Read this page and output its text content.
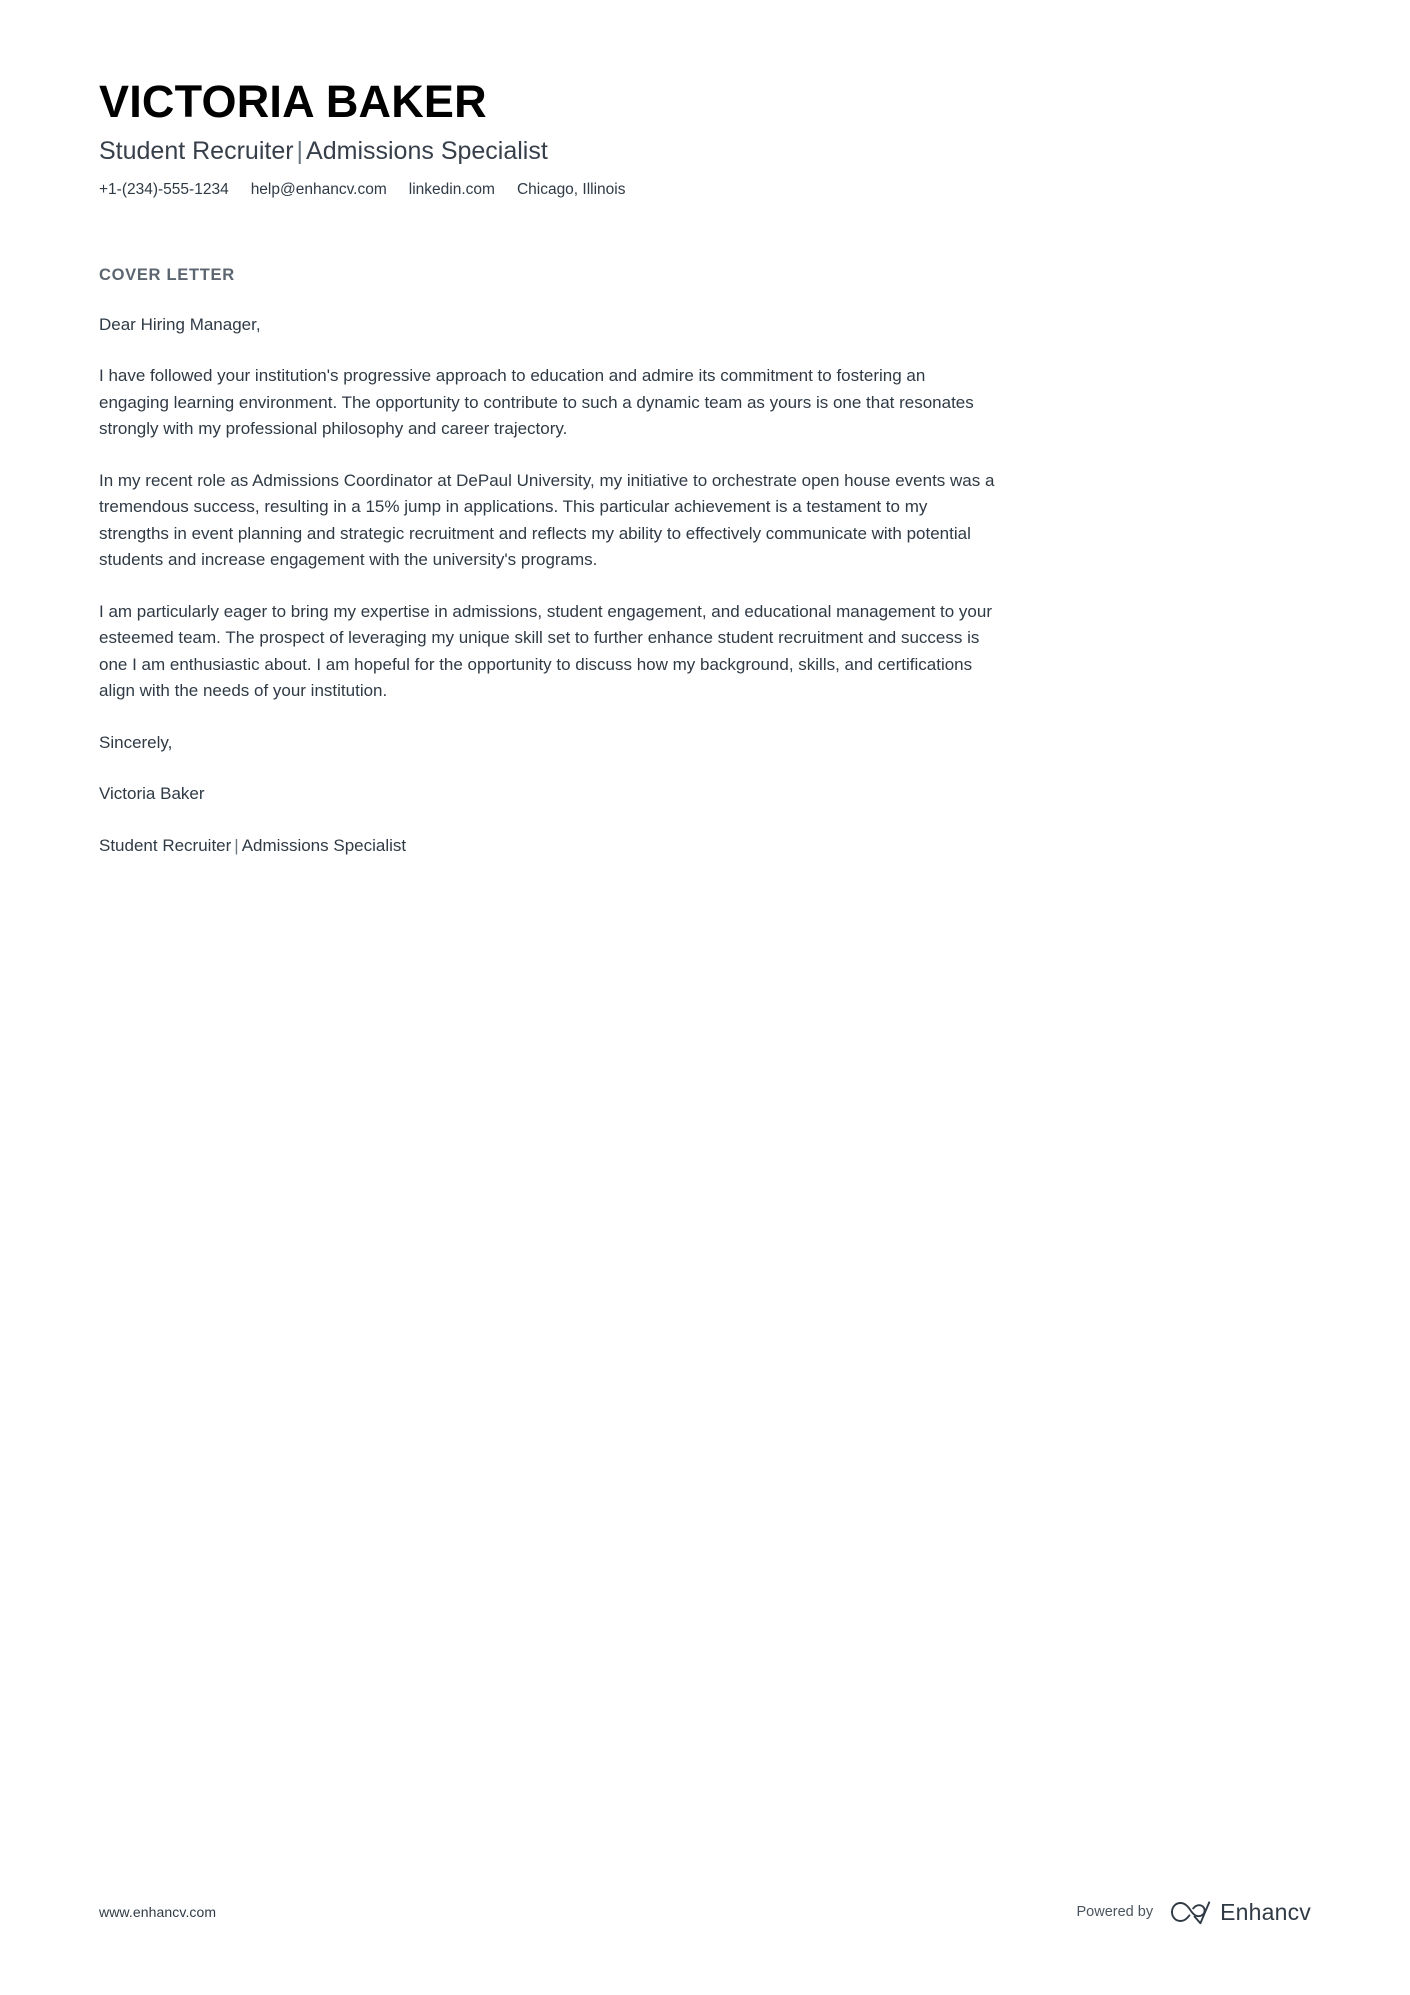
VICTORIA BAKER
Student Recruiter | Admissions Specialist
+1-(234)-555-1234 help@enhancv.com linkedin.com Chicago, Illinois
COVER LETTER

Dear Hiring Manager,

I have followed your institution's progressive approach to education and admire its commitment to fostering an engaging learning environment. The opportunity to contribute to such a dynamic team as yours is one that resonates strongly with my professional philosophy and career trajectory.

In my recent role as Admissions Coordinator at DePaul University, my initiative to orchestrate open house events was a tremendous success, resulting in a 15% jump in applications. This particular achievement is a testament to my strengths in event planning and strategic recruitment and reflects my ability to effectively communicate with potential students and increase engagement with the university's programs.

I am particularly eager to bring my expertise in admissions, student engagement, and educational management to your esteemed team. The prospect of leveraging my unique skill set to further enhance student recruitment and success is one I am enthusiastic about. I am hopeful for the opportunity to discuss how my background, skills, and certifications align with the needs of your institution.

Sincerely,

Victoria Baker

Student Recruiter | Admissions Specialist

www.enhancv.com	Powered by	Enhancv
